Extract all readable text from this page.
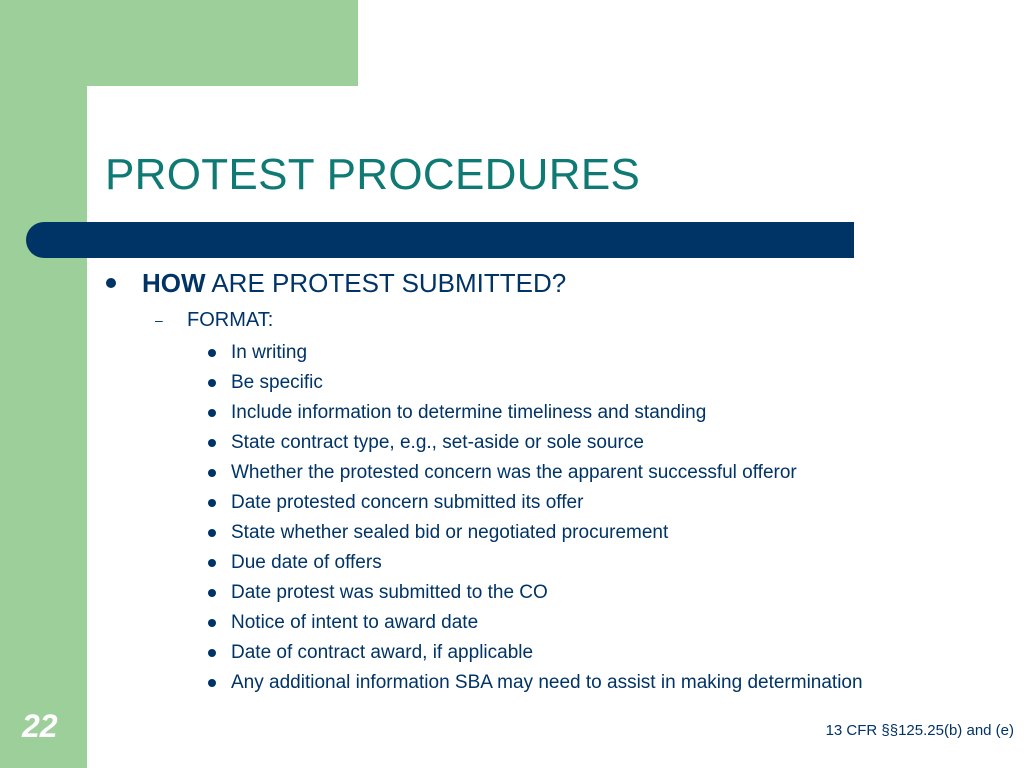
PROTEST PROCEDURES
HOW ARE PROTEST SUBMITTED?
–	FORMAT:
In writing
Be specific
Include information to determine timeliness and standing
State contract type, e.g., set-aside or sole source
Whether the protested concern was the apparent successful offeror
Date protested concern submitted its offer
State whether sealed bid or negotiated procurement
Due date of offers
Date protest was submitted to the CO
Notice of intent to award date
Date of contract award, if applicable
Any additional information SBA may need to assist in making determination
22	13 CFR §§125.25(b) and (e)
